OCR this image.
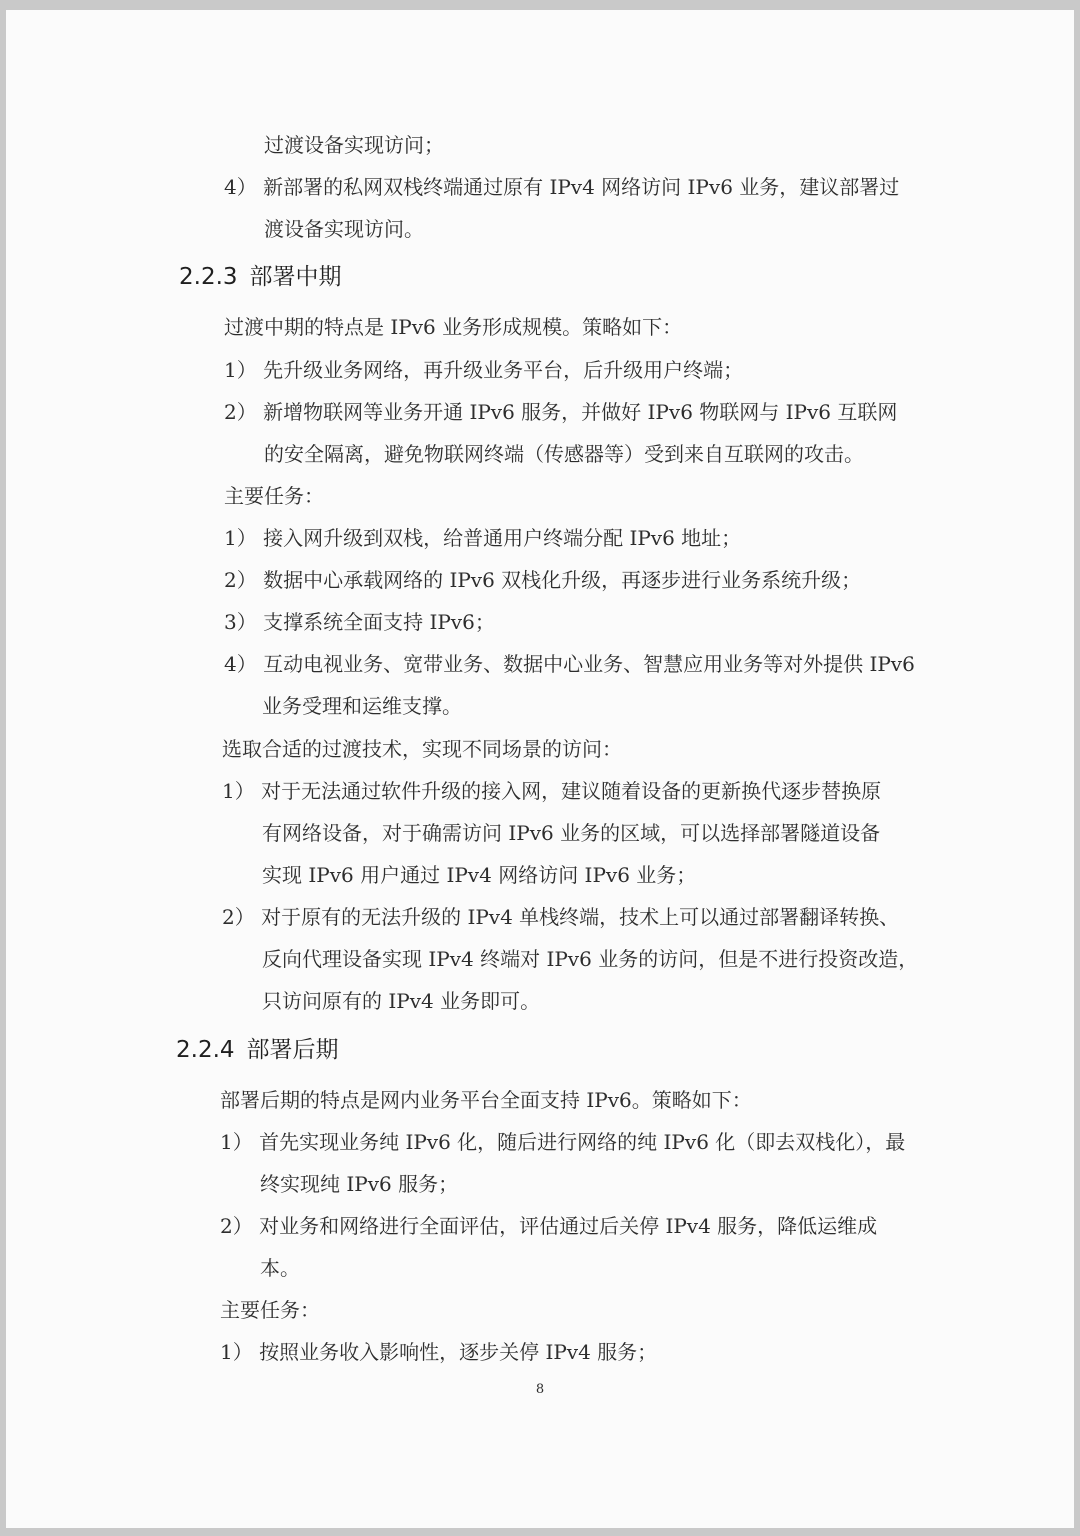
过渡设备实现访问；
4） 新部署的私网双栈终端通过原有 IPv4 网络访问 IPv6 业务，建议部署过
渡设备实现访问。
2.2.3 部署中期
过渡中期的特点是 IPv6 业务形成规模。策略如下：
1） 先升级业务网络，再升级业务平台，后升级用户终端；
2） 新增物联网等业务开通 IPv6 服务，并做好 IPv6 物联网与 IPv6 互联网
的安全隔离，避免物联网终端（传感器等）受到来自互联网的攻击。
主要任务：
1） 接入网升级到双栈，给普通用户终端分配 IPv6 地址；
2） 数据中心承载网络的 IPv6 双栈化升级，再逐步进行业务系统升级；
3） 支撑系统全面支持 IPv6；
4） 互动电视业务、宽带业务、数据中心业务、智慧应用业务等对外提供 IPv6
业务受理和运维支撑。
选取合适的过渡技术，实现不同场景的访问：
1） 对于无法通过软件升级的接入网，建议随着设备的更新换代逐步替换原
有网络设备，对于确需访问 IPv6 业务的区域，可以选择部署隧道设备
实现 IPv6 用户通过 IPv4 网络访问 IPv6 业务；
2） 对于原有的无法升级的 IPv4 单栈终端，技术上可以通过部署翻译转换、
反向代理设备实现 IPv4 终端对 IPv6 业务的访问，但是不进行投资改造，
只访问原有的 IPv4 业务即可。
2.2.4 部署后期
部署后期的特点是网内业务平台全面支持 IPv6。策略如下：
1） 首先实现业务纯 IPv6 化，随后进行网络的纯 IPv6 化（即去双栈化），最
终实现纯 IPv6 服务；
2） 对业务和网络进行全面评估，评估通过后关停 IPv4 服务，降低运维成
本。
主要任务：
1） 按照业务收入影响性，逐步关停 IPv4 服务；
8
